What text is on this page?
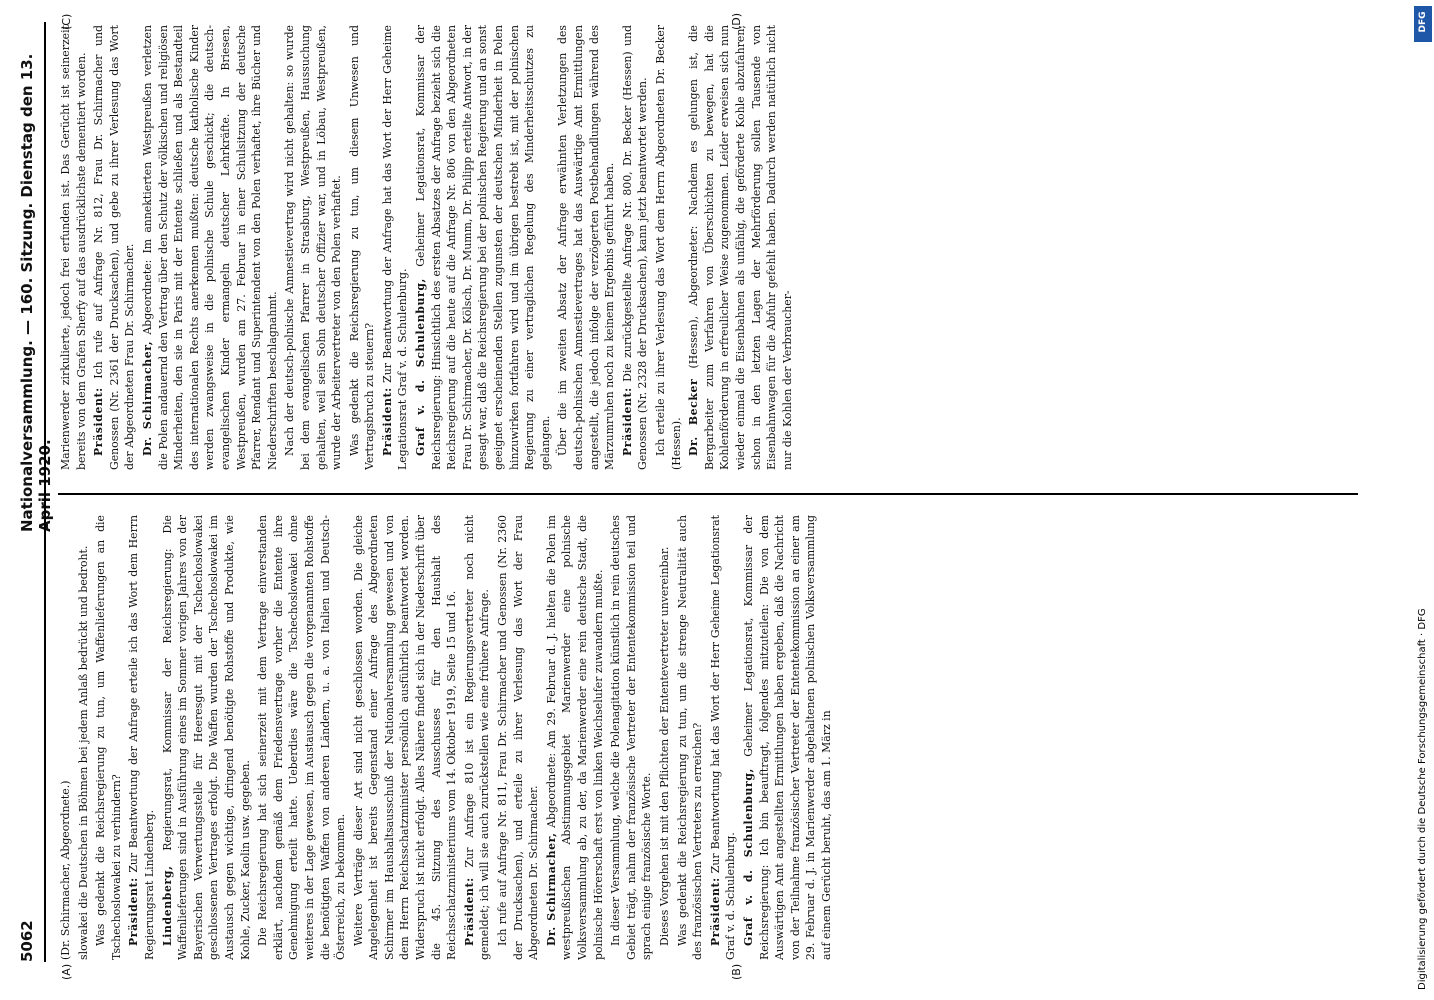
5062
Nationalversammlung. — 160. Sitzung. Dienstag den 13. April 1920.

(Dr. Schirmacher, Abgeordnete.) slowakei die Deutschen in Böhmen bei jedem Anlaß bedrückt und bedroht. Was gedenkt die Reichsregierung zu tun, um Waffenlieferungen an die Tschechoslowakei zu verhindern? Präsident: Zur Beantwortung der Anfrage erteile ich das Wort dem Herrn Regierungsrat Lindenberg. Lindenberg, Regierungsrat, Kommissar der Reichsregierung: Die Waffenlieferungen sind in Ausführung eines im Sommer vorigen Jahres von der Bayerischen Verwertungsstelle für Heeresgut mit der Tschechoslowakei geschlossenen Vertrages erfolgt. Die Waffen wurden der Tschechoslowakei im Austausch gegen wichtige, dringend benötigte Rohstoffe und Produkte, wie Kohle, Zucker, Kaolin usw. gegeben. Die Reichsregierung hat sich seinerzeit mit dem Vertrage einverstanden erklärt, nachdem gemäß dem Friedensvertrage vorher die Entente ihre Genehmigung erteilt hatte. Ueberdies wäre die Tschechoslowakei ohne weiteres in der Lage gewesen, im Austausch gegen die vorgenannten Rohstoffe die benötigten Waffen von anderen Ländern, u. a. von Italien und Deutsch-Österreich, zu bekommen. Weitere Verträge dieser Art sind nicht geschlossen worden. Die gleiche Angelegenheit ist bereits Gegenstand einer Anfrage des Abgeordneten Schirmer im Haushaltsausschuß der Nationalversammlung gewesen und von dem Herrn Reichsschatzminister persönlich ausführlich beantwortet worden. Widerspruch ist nicht erfolgt. Alles Nähere findet sich in der Niederschrift über die 45. Sitzung des Ausschusses für den Haushalt des Reichsschatzministeriums vom 14. Oktober 1919, Seite 15 und 16. Präsident: Zur Anfrage 810 ist ein Regierungsvertreter noch nicht gemeldet; ich will sie auch zurückstellen wie eine frühere Anfrage. Ich rufe auf Anfrage Nr. 811, Frau Dr. Schirmacher und Genossen (Nr. 2360 der Drucksachen), und erteile zu ihrer Verlesung das Wort der Frau Abgeordneten Dr. Schirmacher. Dr. Schirmacher, Abgeordnete: Am 29. Februar d. J. hielten die Polen im westpreußischen Abstimmungsgebiet Marienwerder eine polnische Volksversammlung ab, zu der, da Marienwerder eine rein deutsche Stadt, die polnische Hörerschaft erst von linken Weichselufer zuwandern mußte. In dieser Versammlung, welche die Polenagitation künstlich in rein deutsches Gebiet trägt, nahm der französische Vertreter der Ententekommission teil und sprach einige französische Worte. Dieses Vorgehen ist mit den Pflichten der Ententevertreter unvereinbar. Was gedenkt die Reichsregierung zu tun, um die strenge Neutralität auch des französischen Vertreters zu erreichen? Präsident: Zur Beantwortung hat das Wort der Herr Geheime Legationsrat Graf v. d. Schulenburg. Graf v. d. Schulenburg, Geheimer Legationsrat, Kommissar der Reichsregierung: Ich bin beauftragt, folgendes mitzuteilen: Die von dem Auswärtigen Amt angestellten Ermittlungen haben ergeben, daß die Nachricht von der Teilnahme französischer Vertreter der Ententekommission an einer am 29. Februar d. J. in Marienwerder abgehaltenen polnischen Volksversammlung auf einem Gerücht beruht, das am 1. März in

Marienwerder zirkulierte, jedoch frei erfunden ist. Das Gerücht ist seinerzeit bereits von dem Grafen Sherfy auf das ausdrücklichste dementiert worden. Präsident: Ich rufe auf Anfrage Nr. 812, Frau Dr. Schirmacher und Genossen (Nr. 2361 der Drucksachen), und gebe zu ihrer Verlesung das Wort der Abgeordneten Frau Dr. Schirmacher. Dr. Schirmacher, Abgeordnete: Im annektierten Westpreußen verletzen die Polen andauernd den Vertrag über den Schutz der völkischen und religiösen Minderheiten, den sie in Paris mit der Entente schließen und als Bestandteil des internationalen Rechts anerkennen mußten: deutsche katholische Kinder werden zwangsweise in die polnische Schule geschickt; die deutsch-evangelischen Kinder ermangeln deutscher Lehrkräfte. In Briesen, Westpreußen, wurden am 27. Februar in einer Schulsitzung der deutsche Pfarrer, Rendant und Superintendent von den Polen verhaftet, ihre Bücher und Niederschriften beschlagnahmt. Nach der deutsch-polnische Amnestievertrag wird nicht gehalten: so wurde bei dem evangelischen Pfarrer in Strasburg, Westpreußen, Haussuchung gehalten, weil sein Sohn deutscher Offizier war, und in Löbau, Westpreußen, wurde der Arbeitervertreter von den Polen verhaftet. Was gedenkt die Reichsregierung zu tun, um diesem Unwesen und Vertragsbruch zu steuern? Präsident: Zur Beantwortung der Anfrage hat das Wort der Herr Geheime Legationsrat Graf v. d. Schulenburg. Graf v. d. Schulenburg, Geheimer Legationsrat, Kommissar der Reichsregierung: Hinsichtlich des ersten Absatzes der Anfrage bezieht sich die Reichsregierung auf die heute auf die Anfrage Nr. 806 von den Abgeordneten Frau Dr. Schirmacher, Dr. Kölsch, Dr. Mumm, Dr. Philipp erteilte Antwort, in der gesagt war, daß die Reichsregierung bei der polnischen Regierung und an sonst geeignet erscheinenden Stellen zugunsten der deutschen Minderheit in Polen hinzuwirken fortfahren wird und im übrigen bestrebt ist, mit der polnischen Regierung zu einer vertraglichen Regelung des Minderheitsschutzes zu gelangen. Über die im zweiten Absatz der Anfrage erwähnten Verletzungen des deutsch-polnischen Amnestievertrages hat das Auswärtige Amt Ermittlungen angestellt, die jedoch infolge der verzögerten Postbehandlungen während des Märzumruhen noch zu keinem Ergebnis geführt haben. Präsident: Die zurückgestellte Anfrage Nr. 800, Dr. Becker (Hessen) und Genossen (Nr. 2328 der Drucksachen), kann jetzt beantwortet werden. Ich erteile zu ihrer Verlesung das Wort dem Herrn Abgeordneten Dr. Becker (Hessen). Dr. Becker (Hessen), Abgeordneter: Nachdem es gelungen ist, die Bergarbeiter zum Verfahren von Überschichten zu bewegen, hat die Kohlenförderung in erfreulicher Weise zugenommen. Leider erweisen sich nun wieder einmal die Eisenbahnen als unfähig, die geförderte Kohle abzufahren; schon in den letzten Lagen der Mehrförderung sollen Tausende von Eisenbahnwagen für die Abfuhr gefehlt haben. Dadurch werden natürlich nicht nur die Kohlen der Verbraucher-

(A)	(B)
(C)	(D)
Digitalisierung gefördert durch die Deutsche Forschungsgemeinschaft · DFG
DFG
